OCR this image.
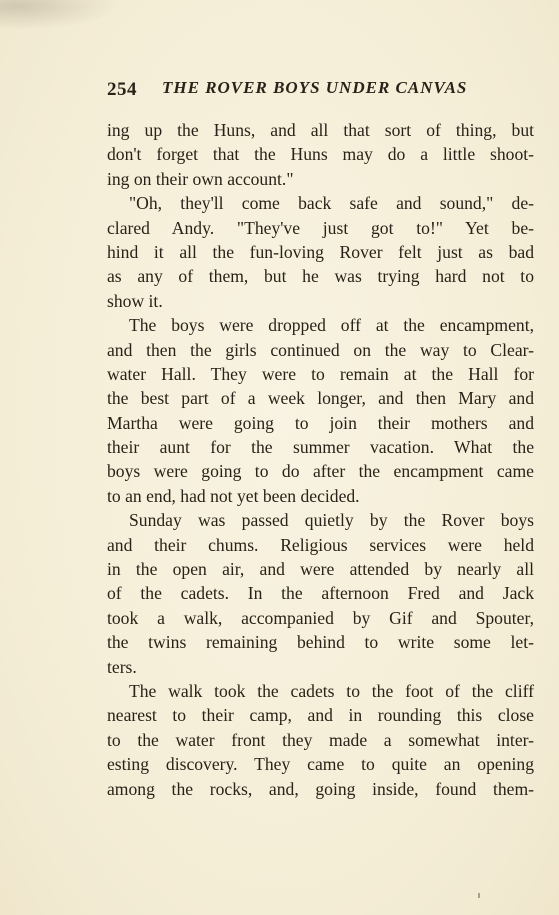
254 THE ROVER BOYS UNDER CANVAS
ing up the Huns, and all that sort of thing, but
don't forget that the Huns may do a little shoot-
ing on their own account."
"Oh, they'll come back safe and sound," de-
clared Andy. "They've just got to!" Yet be-
hind it all the fun-loving Rover felt just as bad
as any of them, but he was trying hard not to
show it.
The boys were dropped off at the encampment,
and then the girls continued on the way to Clear-
water Hall. They were to remain at the Hall for
the best part of a week longer, and then Mary and
Martha were going to join their mothers and
their aunt for the summer vacation. What the
boys were going to do after the encampment came
to an end, had not yet been decided.
Sunday was passed quietly by the Rover boys
and their chums. Religious services were held
in the open air, and were attended by nearly all
of the cadets. In the afternoon Fred and Jack
took a walk, accompanied by Gif and Spouter,
the twins remaining behind to write some let-
ters.
The walk took the cadets to the foot of the cliff
nearest to their camp, and in rounding this close
to the water front they made a somewhat inter-
esting discovery. They came to quite an opening
among the rocks, and, going inside, found them-
